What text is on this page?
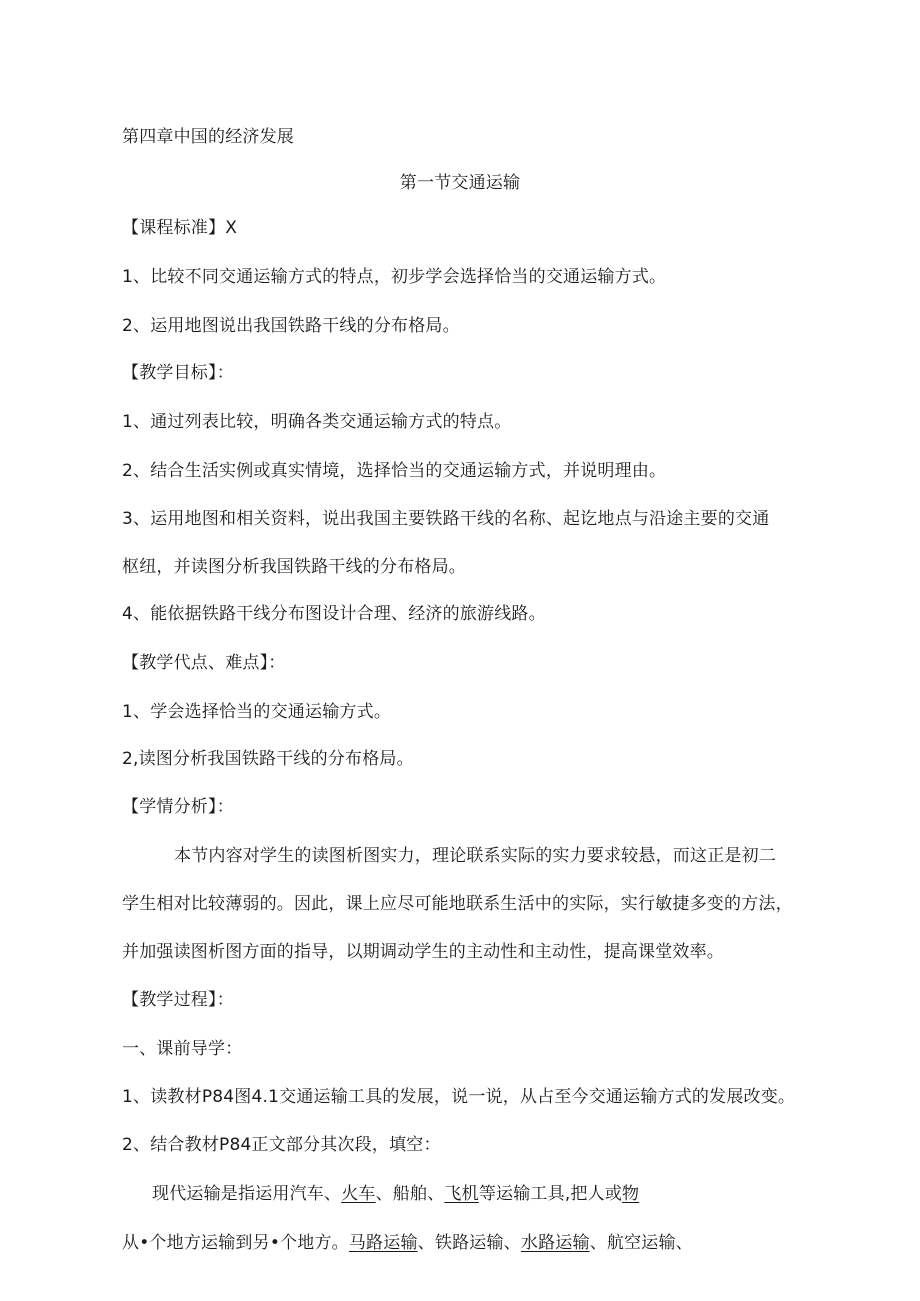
第四章中国的经济发展
第一节交通运输
【课程标准】X
1、比较不同交通运输方式的特点，初步学会选择恰当的交通运输方式。
2、运用地图说出我国铁路干线的分布格局。
【教学目标】：
1、通过列表比较，明确各类交通运输方式的特点。
2、结合生活实例或真实情境，选择恰当的交通运输方式，并说明理由。
3、运用地图和相关资料，说出我国主要铁路干线的名称、起讫地点与沿途主要的交通
枢纽，并读图分析我国铁路干线的分布格局。
4、能依据铁路干线分布图设计合理、经济的旅游线路。
【教学代点、难点】：
1、学会选择恰当的交通运输方式。
2,读图分析我国铁路干线的分布格局。
【学情分析】：
本节内容对学生的读图析图实力，理论联系实际的实力要求较悬，而这正是初二
学生相对比较薄弱的。因此，课上应尽可能地联系生活中的实际，实行敏捷多变的方法，
并加强读图析图方面的指导，以期调动学生的主动性和主动性，提高课堂效率。
【教学过程】：
一、课前导学：
1、读教材P84图4.1交通运输工具的发展，说一说，从占至今交通运输方式的发展改变。
2、结合教材P84正文部分其次段，填空：
现代运输是指运用汽车、火车、船舶、飞机等运输工具,把人或物
从•个地方运输到另•个地方。马路运输、铁路运输、水路运输、航空运输、
